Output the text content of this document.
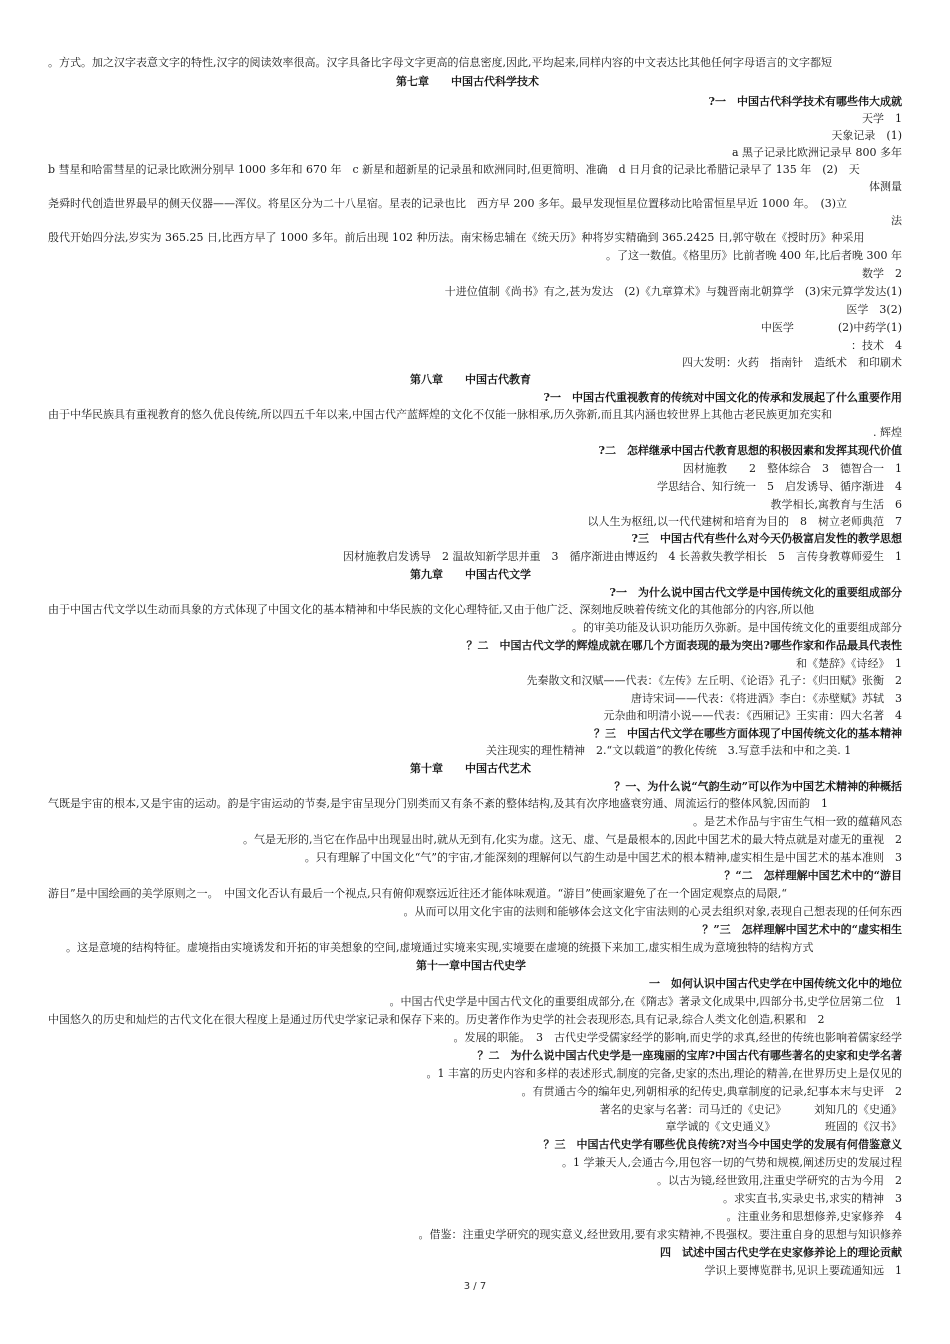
。方式。加之汉字表意文字的特性,汉字的阅读效率很高。汉字具备比字母文字更高的信息密度,因此,平均起来,同样内容的中文表达比其他任何字母语言的文字都短
第七章　　中国古代科学技术
?一　中国古代科学技术有哪些伟大成就
天学　1
天象记录　(1)
a 黑子记录比欧洲记录早 800 多年
b 彗星和哈雷彗星的记录比欧洲分别早 1000 多年和 670 年　c 新星和超新星的记录虽和欧洲同时,但更简明、准确　d 日月食的记录比希腊记录早了 135 年　(2)　天
体测量
尧舜时代创造世界最早的侧天仪器——浑仪。将星区分为二十八星宿。星表的记录也比　西方早 200 多年。最早发现恒星位置移动比哈雷恒星早近 1000 年。　(3)立
法
殷代开始四分法,岁实为 365.25 日,比西方早了 1000 多年。前后出现 102 种历法。南宋杨忠辅在《统天历》种将岁实精确到 365.2425 日,郭守敬在《授时历》种采用
。了这一数值。《格里历》比前者晚 400 年,比后者晚 300 年
数学　2
十进位值制《尚书》有之,甚为发达　(2)《九章算术》与魏晋南北朝算学　(3)宋元算学发达(1)
医学　3(2)
中医学　　　　(2)中药学(1)
：技术　4
四大发明：火药　指南针　造纸术　和印刷术
第八章　　中国古代教育
?一　中国古代重视教育的传统对中国文化的传承和发展起了什么重要作用
由于中华民族具有重视教育的悠久优良传统,所以四五千年以来,中国古代产蓝辉煌的文化不仅能一脉相承,历久弥新,而且其内涵也较世界上其他古老民族更加充实和
. 辉煌
?二　怎样继承中国古代教育思想的积极因素和发挥其现代价值
因材施教　　2　整体综合　3　德智合一　1
学思结合、知行统一　5　启发诱导、循序渐进　4
教学相长,寓教育与生活　6
以人生为枢纽,以一代代建树和培育为目的　8　树立老师典范　7
?三　中国古代有些什么对今天仍极富启发性的教学思想
因材施教启发诱导　2 温故知新学思并重　3　循序渐进由博返约　4 长善救失教学相长　5　言传身教尊师爱生　1
第九章　　中国古代文学
?一　为什么说中国古代文学是中国传统文化的重要组成部分
由于中国古代文学以生动而具象的方式体现了中国文化的基本精神和中华民族的文化心理特征,又由于他广泛、深刻地反映着传统文化的其他部分的内容,所以他
。的审美功能及认识功能历久弥新。是中国传统文化的重要组成部分
？二　中国古代文学的辉煌成就在哪几个方面表现的最为突出?哪些作家和作品最具代表性
和《楚辞》《诗经》　1
先秦散文和汉赋——代表：《左传》左丘明、《论语》孔子：《归田赋》张衡　2
唐诗宋词——代表：《将进酒》李白：《赤壁赋》苏轼　3
元杂曲和明清小说——代表：《西厢记》王实甫：四大名著　4
？三　中国古代文学在哪些方面体现了中国传统文化的基本精神
关注现实的理性精神　2.“文以载道”的教化传统　3.写意手法和中和之美. 1
第十章　　中国古代艺术
？一、为什么说“气韵生动”可以作为中国艺术精神的种概括
气既是宇宙的根本,又是宇宙的运动。韵是宇宙运动的节奏,是宇宙呈现分门别类而又有条不紊的整体结构,及其有次序地盛衰穷通、周流运行的整体风貌,因而韵　1
。是艺术作品与宇宙生气相一致的蕴藉风态
。气是无形的,当它在作品中出现显出时,就从无到有,化实为虚。这无、虚、气是最根本的,因此中国艺术的最大特点就是对虚无的重视　2
。只有理解了中国文化“气”的宇宙,才能深刻的理解何以气韵生动是中国艺术的根本精神,虚实相生是中国艺术的基本准则　3
？“二　怎样理解中国艺术中的“游目
游目”是中国绘画的美学原则之一。　中国文化否认有最后一个视点,只有俯仰观察远近往还才能体味观道。“游目”使画家避免了在一个固定观察点的局限,“
。从而可以用文化宇宙的法则和能够体会这文化宇宙法则的心灵去组织对象,表现自己想表现的任何东西
？”三　怎样理解中国艺术中的“虚实相生
。这是意境的结构特征。虚境指由实境诱发和开拓的审美想象的空间,虚境通过实境来实现,实境要在虚境的统摄下来加工,虚实相生成为意境独特的结构方式
第十一章中国古代史学
一　如何认识中国古代史学在中国传统文化中的地位
。中国古代史学是中国古代文化的重要组成部分,在《隋志》著录文化成果中,四部分书,史学位居第二位　1
中国悠久的历史和灿烂的古代文化在很大程度上是通过历代史学家记录和保存下来的。历史著作作为史学的社会表现形态,具有记录,综合人类文化创造,积累和　2
。发展的职能。　3　古代史学受儒家经学的影响,而史学的求真,经世的传统也影响着儒家经学
？二　为什么说中国古代史学是一座瑰丽的宝库?中国古代有哪些著名的史家和史学名著
。1 丰富的历史内容和多样的表述形式,制度的完备,史家的杰出,理论的精善,在世界历史上是仅见的
。有贯通古今的编年史,列朝相承的纪传史,典章制度的记录,纪事本末与史评　2
著名的史家与名著：司马迁的《史记》　　　刘知几的《史通》
章学诚的《文史通义》　　　　　班固的《汉书》
？三　中国古代史学有哪些优良传统?对当今中国史学的发展有何借鉴意义
。1 学兼天人,会通古今,用包容一切的气势和规模,阐述历史的发展过程
。以古为镜,经世致用,注重史学研究的古为今用　2
。求实直书,实录史书,求实的精神　3
。注重业务和思想修养,史家修养　4
。借鉴：注重史学研究的现实意义,经世致用,要有求实精神,不畏强权。要注重自身的思想与知识修养
四　试述中国古代史学在史家修养论上的理论贡献
学识上要博览群书,见识上要疏通知远　1
3 / 7
